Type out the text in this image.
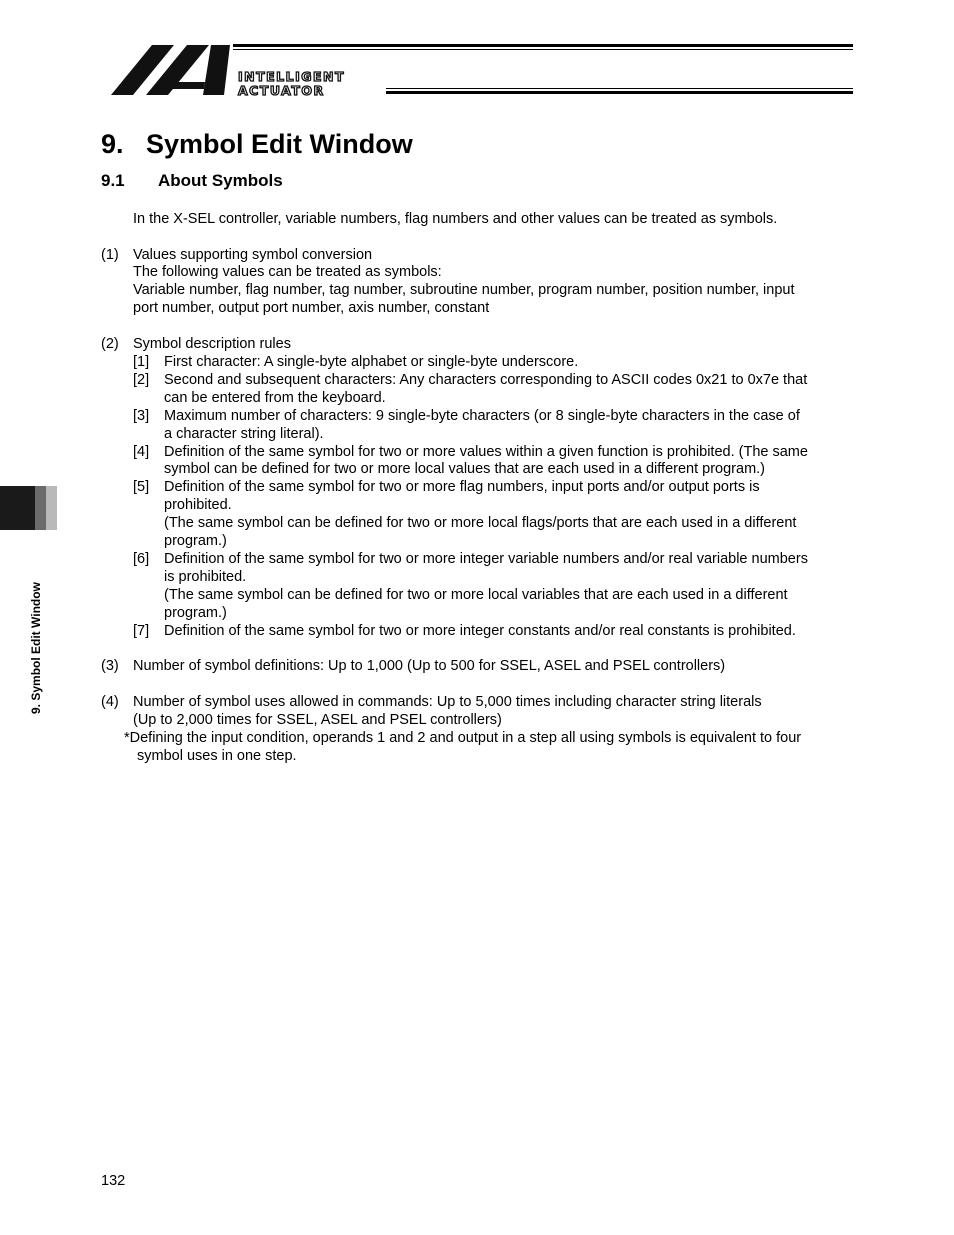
INTELLIGENT
ACTUATOR
9. Symbol Edit Window
9.1 About Symbols
In the X-SEL controller, variable numbers, flag numbers and other values can be treated as symbols.
(1) Values supporting symbol conversion
The following values can be treated as symbols:
Variable number, flag number, tag number, subroutine number, program number, position number, input
port number, output port number, axis number, constant
(2) Symbol description rules
[1] First character: A single-byte alphabet or single-byte underscore.
[2] Second and subsequent characters: Any characters corresponding to ASCII codes 0x21 to 0x7e that
can be entered from the keyboard.
[3] Maximum number of characters: 9 single-byte characters (or 8 single-byte characters in the case of
a character string literal).
[4] Definition of the same symbol for two or more values within a given function is prohibited. (The same
symbol can be defined for two or more local values that are each used in a different program.)
[5] Definition of the same symbol for two or more flag numbers, input ports and/or output ports is
prohibited.
(The same symbol can be defined for two or more local flags/ports that are each used in a different
program.)
[6] Definition of the same symbol for two or more integer variable numbers and/or real variable numbers
is prohibited.
(The same symbol can be defined for two or more local variables that are each used in a different
program.)
[7] Definition of the same symbol for two or more integer constants and/or real constants is prohibited.
(3) Number of symbol definitions: Up to 1,000 (Up to 500 for SSEL, ASEL and PSEL controllers)
(4) Number of symbol uses allowed in commands: Up to 5,000 times including character string literals
(Up to 2,000 times for SSEL, ASEL and PSEL controllers)
*Defining the input condition, operands 1 and 2 and output in a step all using symbols is equivalent to four
symbol uses in one step.
9. Symbol Edit Window
132
